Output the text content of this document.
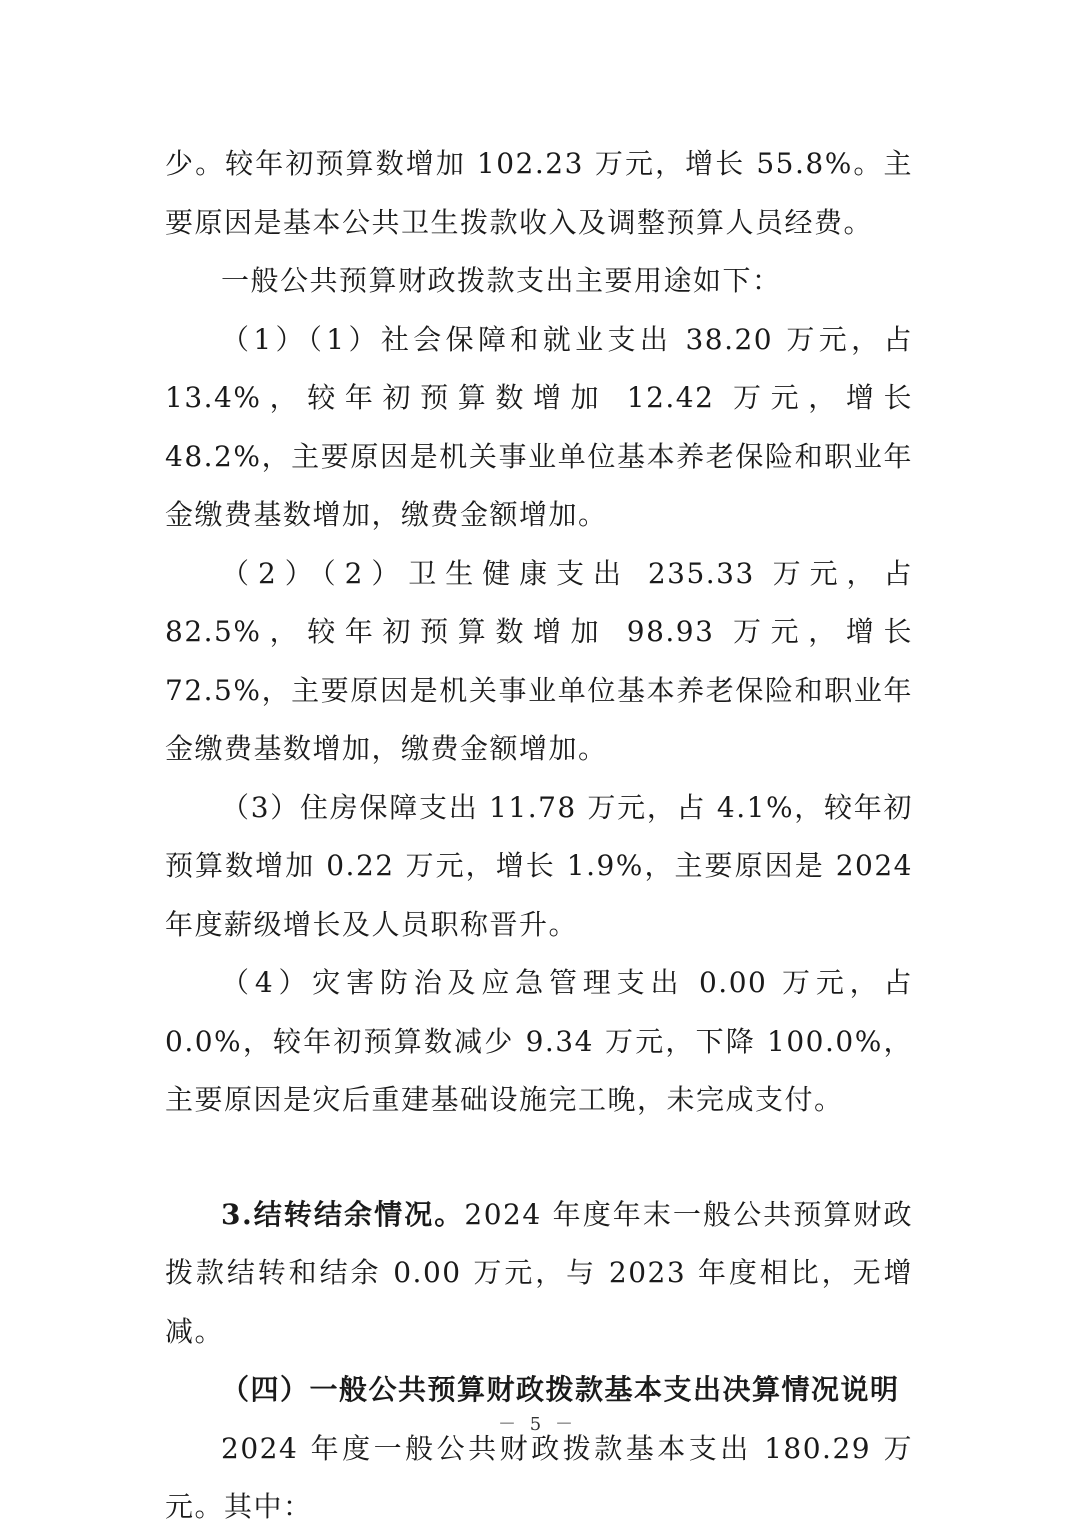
少。较年初预算数增加 102.23 万元，增长 55.8%。主要原因是基本公共卫生拨款收入及调整预算人员经费。

一般公共预算财政拨款支出主要用途如下：

（1）（1）社会保障和就业支出 38.20 万元，占 13.4%，较年初预算数增加 12.42 万元，增长 48.2%，主要原因是机关事业单位基本养老保险和职业年金缴费基数增加，缴费金额增加。

（2）（2）卫生健康支出 235.33 万元，占 82.5%，较年初预算数增加 98.93 万元，增长 72.5%，主要原因是机关事业单位基本养老保险和职业年金缴费基数增加，缴费金额增加。

（3）住房保障支出 11.78 万元，占 4.1%，较年初预算数增加 0.22 万元，增长 1.9%，主要原因是 2024 年度薪级增长及人员职称晋升。

（4）灾害防治及应急管理支出 0.00 万元，占 0.0%，较年初预算数减少 9.34 万元，下降 100.0%，主要原因是灾后重建基础设施完工晚，未完成支付。

3.结转结余情况。2024 年度年末一般公共预算财政拨款结转和结余 0.00 万元，与 2023 年度相比，无增减。

（四）一般公共预算财政拨款基本支出决算情况说明

2024 年度一般公共财政拨款基本支出 180.29 万元。其中：

－ 5 －
